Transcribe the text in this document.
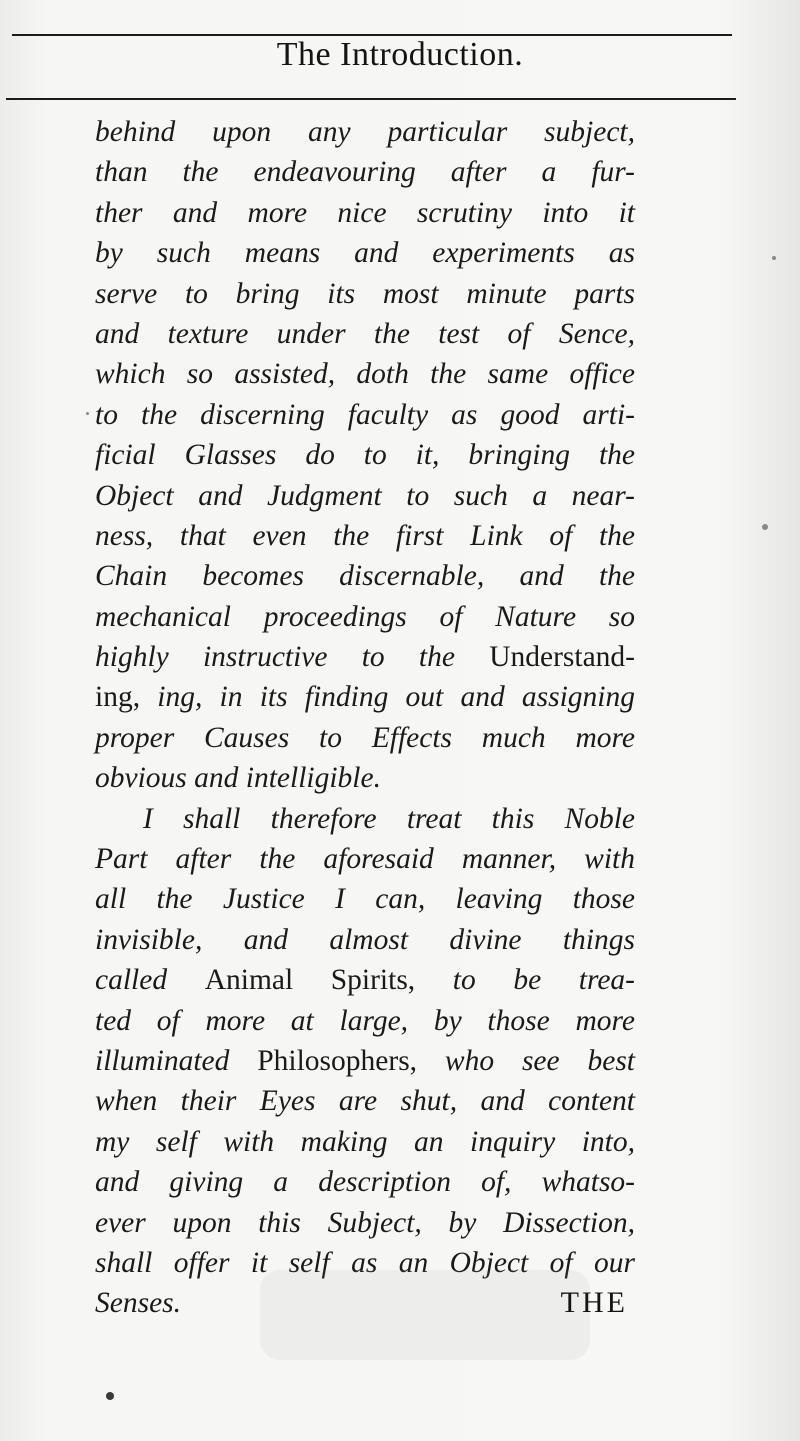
The Introduction.
behind upon any particular subject,
than the endeavouring after a fur-
ther and more nice scrutiny into it
by such means and experiments as
serve to bring its most minute parts
and texture under the test of Sence,
which so assisted, doth the same office
to the discerning faculty as good arti-
ficial Glasses do to it, bringing the
Object and Judgment to such a near-
ness, that even the first Link of the
Chain becomes discernable, and the
mechanical proceedings of Nature so
highly instructive to the Understand-
ing, ing, in its finding out and assigning
proper Causes to Effects much more
obvious and intelligible.
I shall therefore treat this Noble
Part after the aforesaid manner, with
all the Justice I can, leaving those
invisible, and almost divine things
called Animal Spirits, to be trea-
ted of more at large, by those more
illuminated Philosophers, who see best
when their Eyes are shut, and content
my self with making an inquiry into,
and giving a description of, whatso-
ever upon this Subject, by Dissection,
shall offer it self as an Object of our
Senses.	THE
